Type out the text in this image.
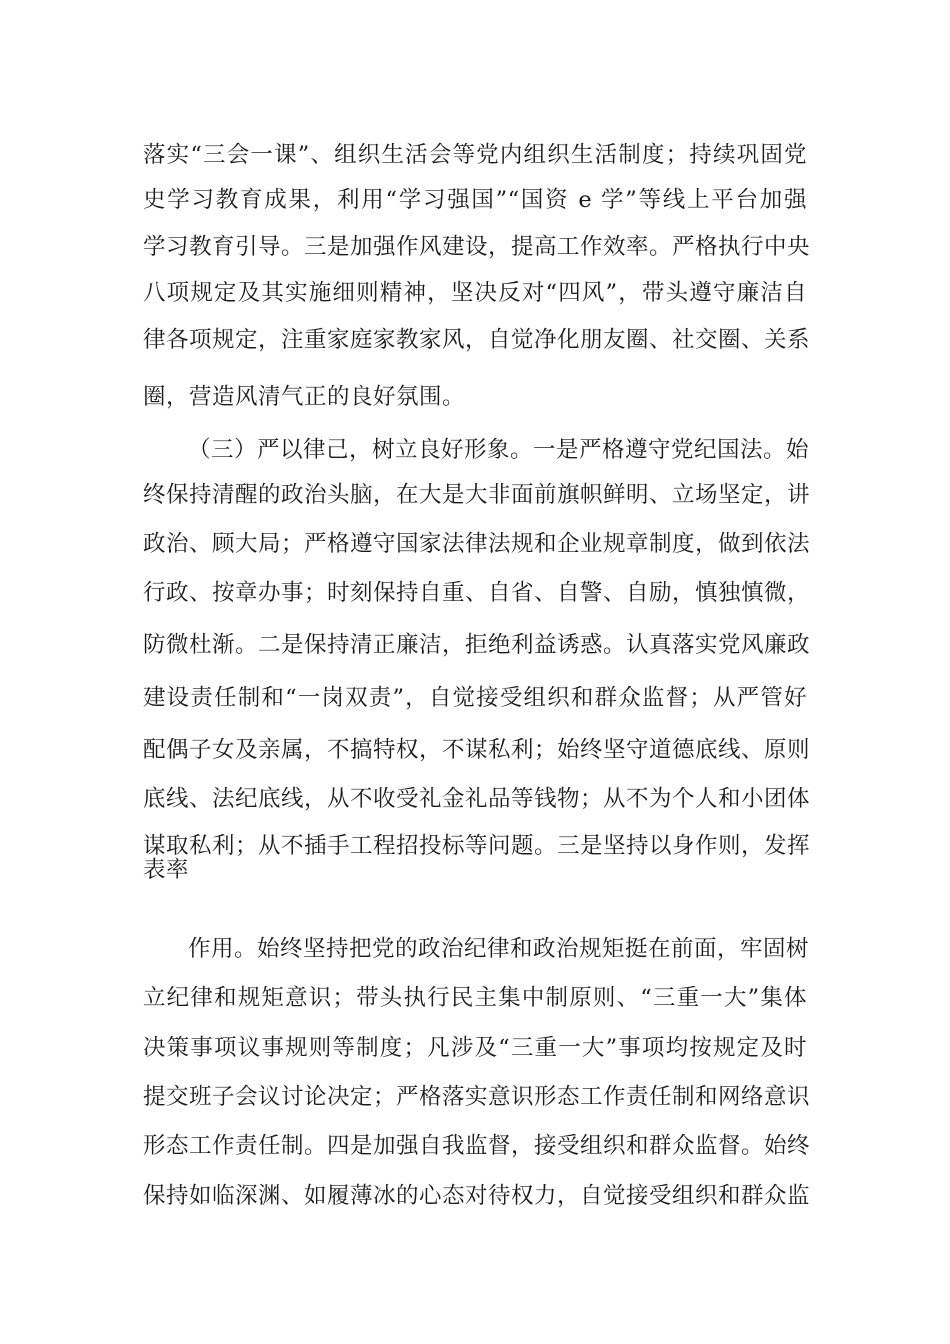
落实“三会一课”、组织生活会等党内组织生活制度；持续巩固党
史学习教育成果，利用“学习强国”“国资 e 学”等线上平台加强
学习教育引导。三是加强作风建设，提高工作效率。严格执行中央
八项规定及其实施细则精神，坚决反对“四风”，带头遵守廉洁自
律各项规定，注重家庭家教家风，自觉净化朋友圈、社交圈、关系
圈，营造风清气正的良好氛围。
（三）严以律己，树立良好形象。一是严格遵守党纪国法。始
终保持清醒的政治头脑，在大是大非面前旗帜鲜明、立场坚定，讲
政治、顾大局；严格遵守国家法律法规和企业规章制度，做到依法
行政、按章办事；时刻保持自重、自省、自警、自励，慎独慎微，
防微杜渐。二是保持清正廉洁，拒绝利益诱惑。认真落实党风廉政
建设责任制和“一岗双责”，自觉接受组织和群众监督；从严管好
配偶子女及亲属，不搞特权，不谋私利；始终坚守道德底线、原则
底线、法纪底线，从不收受礼金礼品等钱物；从不为个人和小团体
谋取私利；从不插手工程招投标等问题。三是坚持以身作则，发挥
表率
作用。始终坚持把党的政治纪律和政治规矩挺在前面，牢固树
立纪律和规矩意识；带头执行民主集中制原则、“三重一大”集体
决策事项议事规则等制度；凡涉及“三重一大”事项均按规定及时
提交班子会议讨论决定；严格落实意识形态工作责任制和网络意识
形态工作责任制。四是加强自我监督，接受组织和群众监督。始终
保持如临深渊、如履薄冰的心态对待权力，自觉接受组织和群众监
